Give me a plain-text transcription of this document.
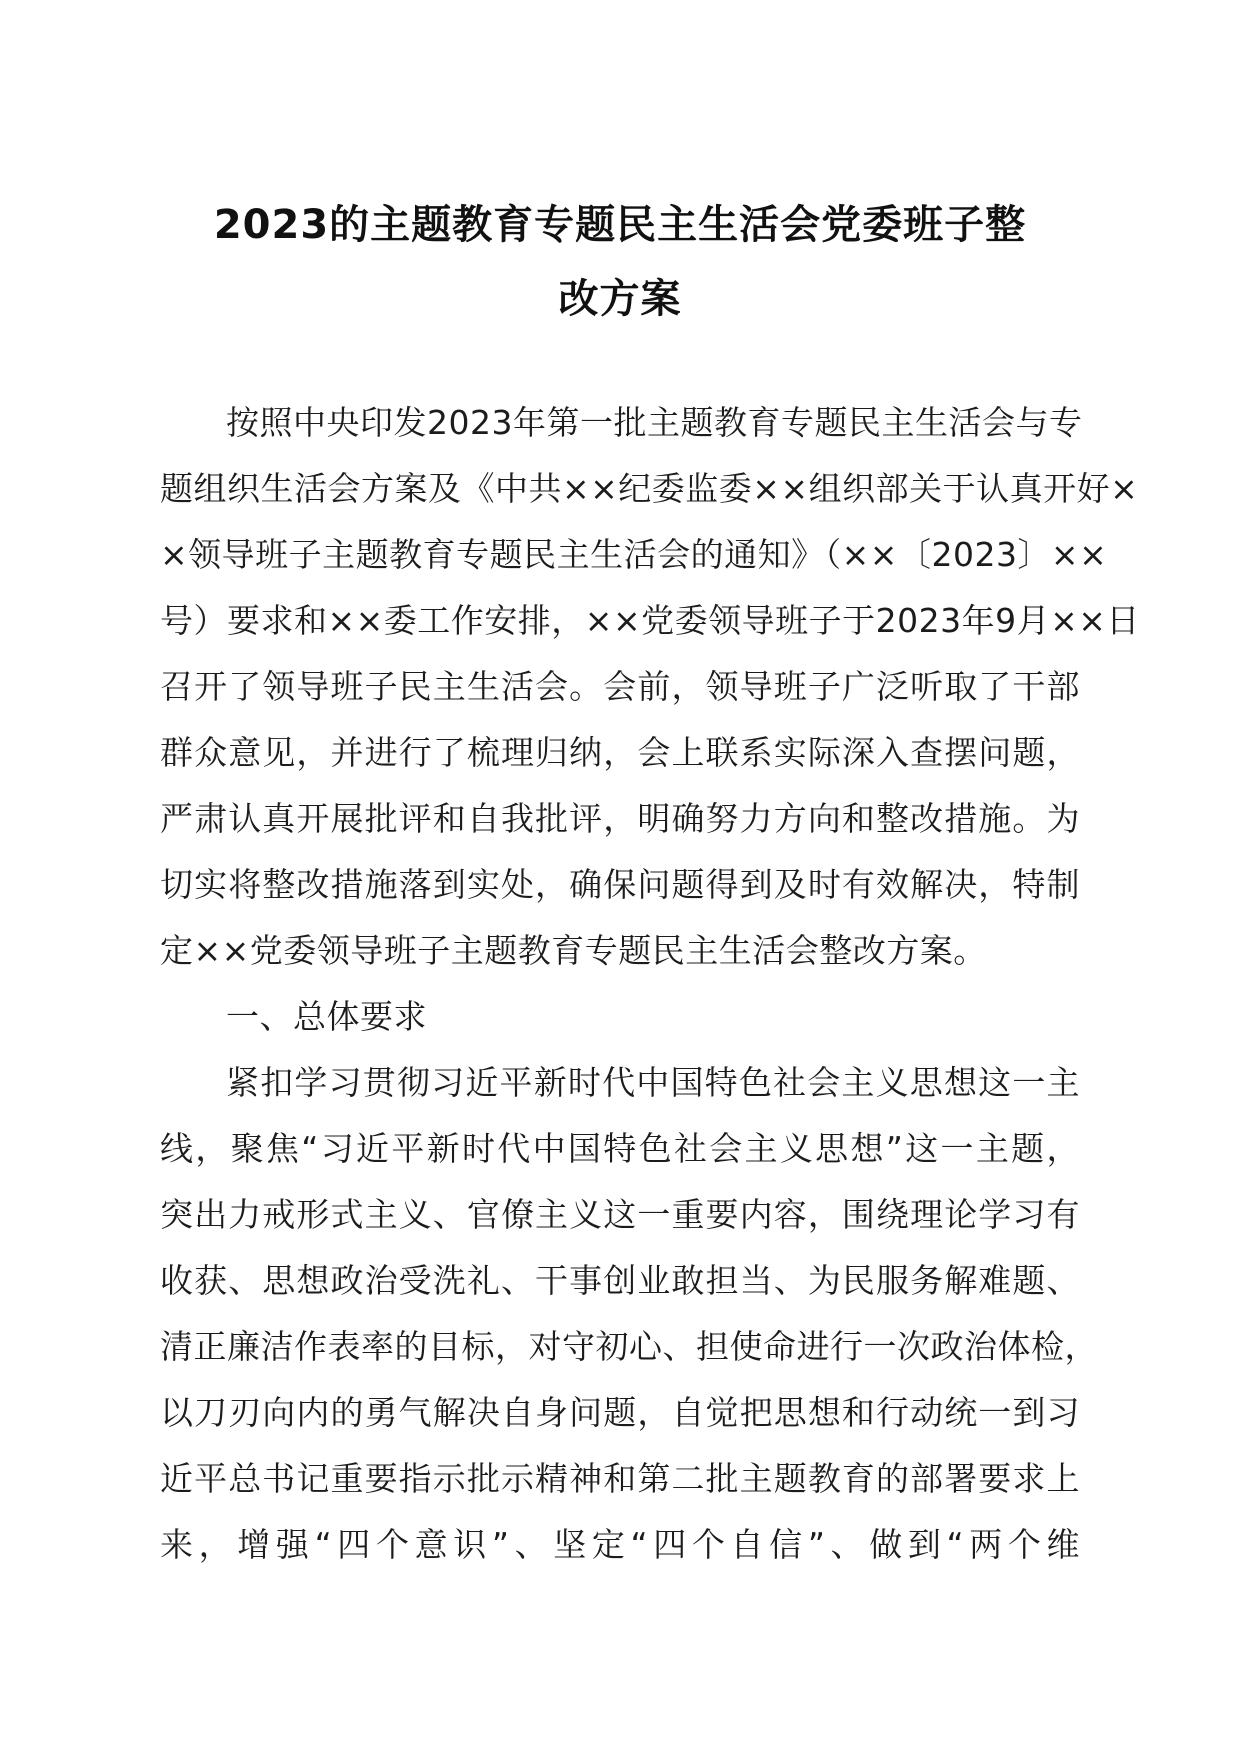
2023的主题教育专题民主生活会党委班子整
改方案
按照中央印发2023年第一批主题教育专题民主生活会与专
题组织生活会方案及《中共××纪委监委××组织部关于认真开好×
×领导班子主题教育专题民主生活会的通知》（××〔2023〕××
号）要求和××委工作安排，××党委领导班子于2023年9月××日
召开了领导班子民主生活会。会前，领导班子广泛听取了干部
群众意见，并进行了梳理归纳，会上联系实际深入查摆问题，
严肃认真开展批评和自我批评，明确努力方向和整改措施。为
切实将整改措施落到实处，确保问题得到及时有效解决，特制
定××党委领导班子主题教育专题民主生活会整改方案。
一、总体要求
紧扣学习贯彻习近平新时代中国特色社会主义思想这一主
线，聚焦“习近平新时代中国特色社会主义思想”这一主题，
突出力戒形式主义、官僚主义这一重要内容，围绕理论学习有
收获、思想政治受洗礼、干事创业敢担当、为民服务解难题、
清正廉洁作表率的目标，对守初心、担使命进行一次政治体检，
以刀刃向内的勇气解决自身问题，自觉把思想和行动统一到习
近平总书记重要指示批示精神和第二批主题教育的部署要求上
来，增强“四个意识”、坚定“四个自信”、做到“两个维
